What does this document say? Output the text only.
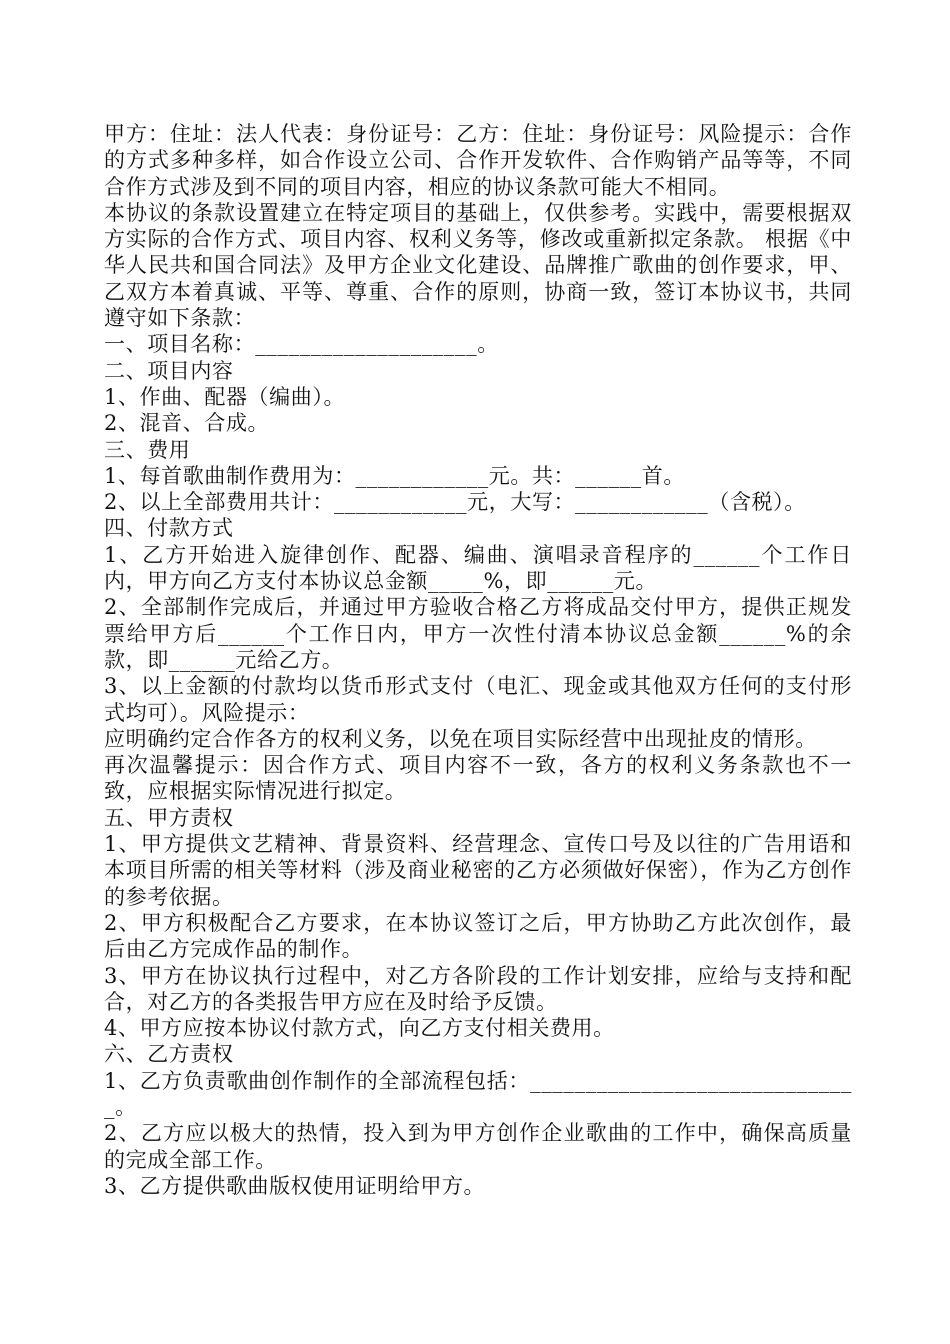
甲方：住址：法人代表：身份证号：乙方：住址：身份证号：风险提示：合作的方式多种多样，如合作设立公司、合作开发软件、合作购销产品等等，不同合作方式涉及到不同的项目内容，相应的协议条款可能大不相同。

本协议的条款设置建立在特定项目的基础上，仅供参考。实践中，需要根据双方实际的合作方式、项目内容、权利义务等，修改或重新拟定条款。 根据《中华人民共和国合同法》及甲方企业文化建设、品牌推广歌曲的创作要求，甲、乙双方本着真诚、平等、尊重、合作的原则，协商一致，签订本协议书，共同遵守如下条款：

一、项目名称：____________________。

二、项目内容

1、作曲、配器（编曲）。

2、混音、合成。

三、费用

1、每首歌曲制作费用为：____________元。共：______首。

2、以上全部费用共计：____________元，大写：____________（含税）。

四、付款方式

1、乙方开始进入旋律创作、配器、编曲、演唱录音程序的______个工作日内，甲方向乙方支付本协议总金额_____%，即______元。

2、全部制作完成后，并通过甲方验收合格乙方将成品交付甲方，提供正规发票给甲方后______个工作日内，甲方一次性付清本协议总金额______%的余款，即______元给乙方。

3、以上金额的付款均以货币形式支付（电汇、现金或其他双方任何的支付形式均可）。风险提示：

应明确约定合作各方的权利义务，以免在项目实际经营中出现扯皮的情形。

再次温馨提示：因合作方式、项目内容不一致，各方的权利义务条款也不一致，应根据实际情况进行拟定。

五、甲方责权

1、甲方提供文艺精神、背景资料、经营理念、宣传口号及以往的广告用语和本项目所需的相关等材料（涉及商业秘密的乙方必须做好保密），作为乙方创作的参考依据。

2、甲方积极配合乙方要求，在本协议签订之后，甲方协助乙方此次创作，最后由乙方完成作品的制作。

3、甲方在协议执行过程中，对乙方各阶段的工作计划安排，应给与支持和配合，对乙方的各类报告甲方应在及时给予反馈。

4、甲方应按本协议付款方式，向乙方支付相关费用。

六、乙方责权

1、乙方负责歌曲创作制作的全部流程包括：______________________________。

2、乙方应以极大的热情，投入到为甲方创作企业歌曲的工作中，确保高质量的完成全部工作。

3、乙方提供歌曲版权使用证明给甲方。
